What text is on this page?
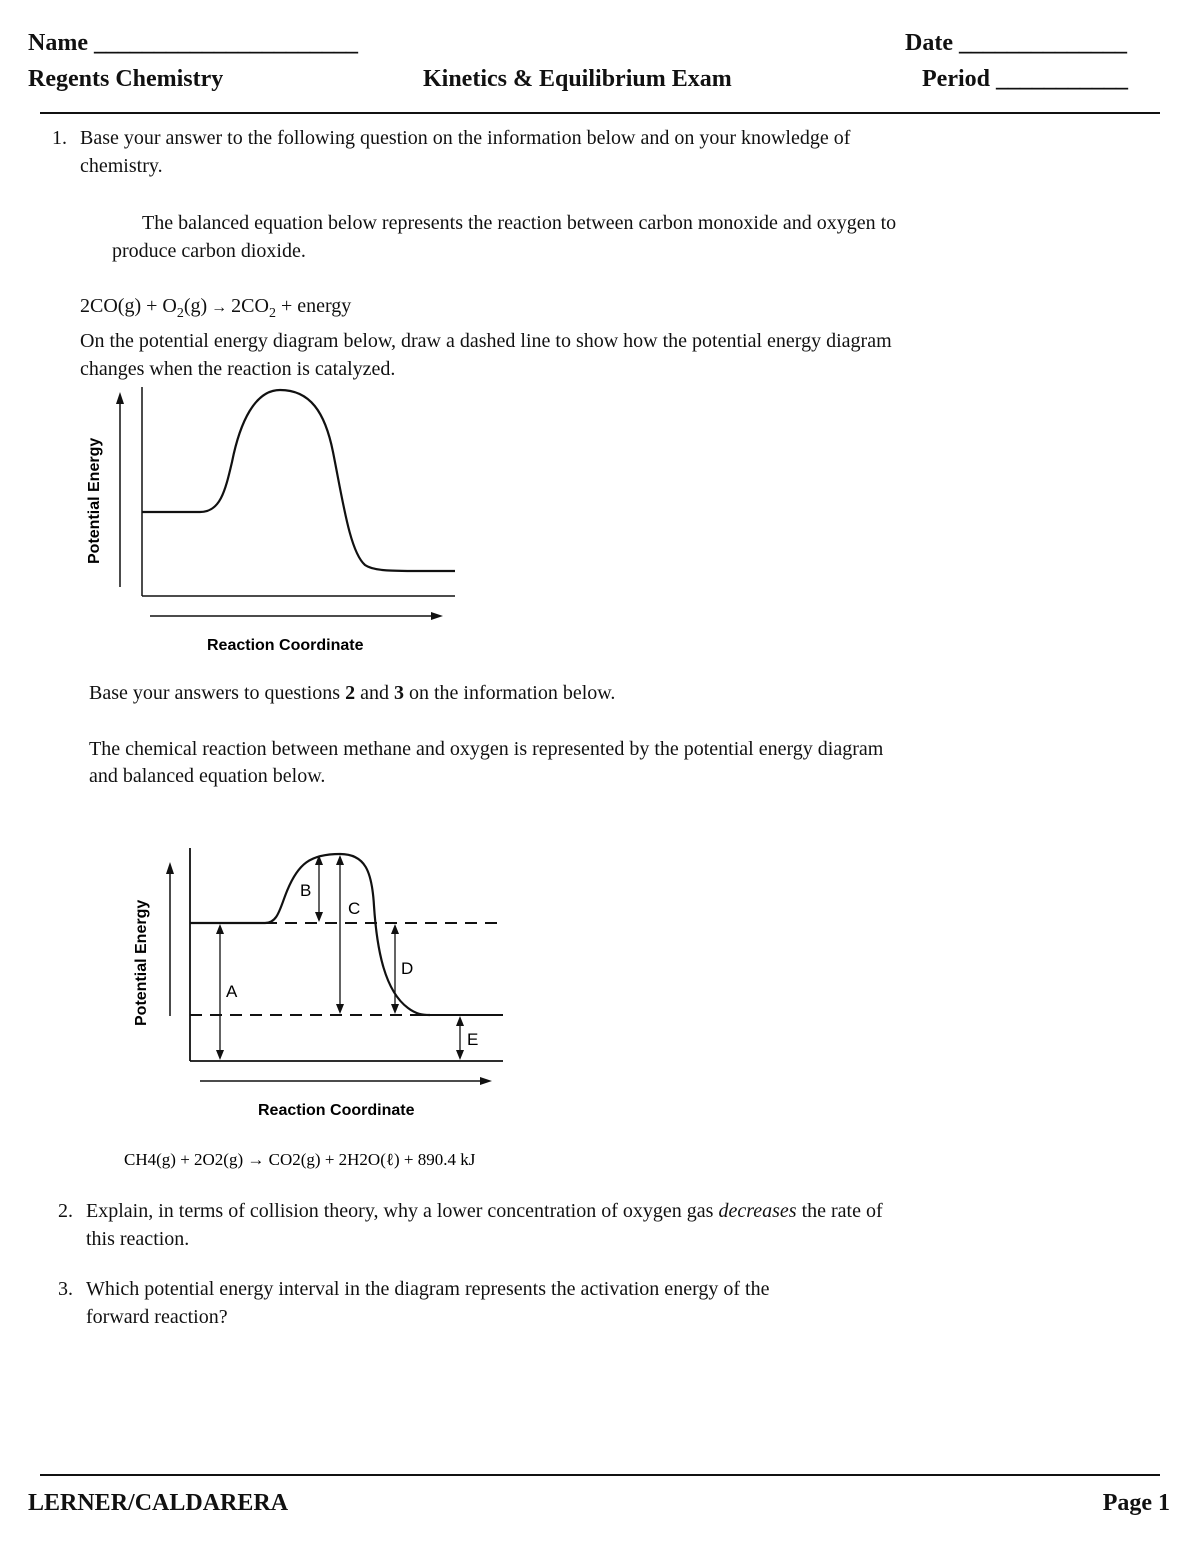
Name ______________________	Date ______________
Regents Chemistry	Kinetics & Equilibrium Exam	Period ___________
1. Base your answer to the following question on the information below and on your knowledge of
chemistry.
The balanced equation below represents the reaction between carbon monoxide and oxygen to
produce carbon dioxide.
$2CO(g) + O_2(g) \to 2CO_2$ + energy
On the potential energy diagram below, draw a dashed line to show how the potential energy diagram
changes when the reaction is catalyzed.
Potential Energy
Reaction Coordinate
Base your answers to questions 2 and 3 on the information below.
The chemical reaction between methane and oxygen is represented by the potential energy diagram
and balanced equation below.
A
B
C
D
E
Potential Energy
Reaction Coordinate
CH4(g) + 2O2(g) → CO2(g) + 2H2O(ℓ) + 890.4 kJ
2. Explain, in terms of collision theory, why a lower concentration of oxygen gas decreases the rate of
this reaction.
3. Which potential energy interval in the diagram represents the activation energy of the
forward reaction?
LERNER/CALDARERA	Page 1
